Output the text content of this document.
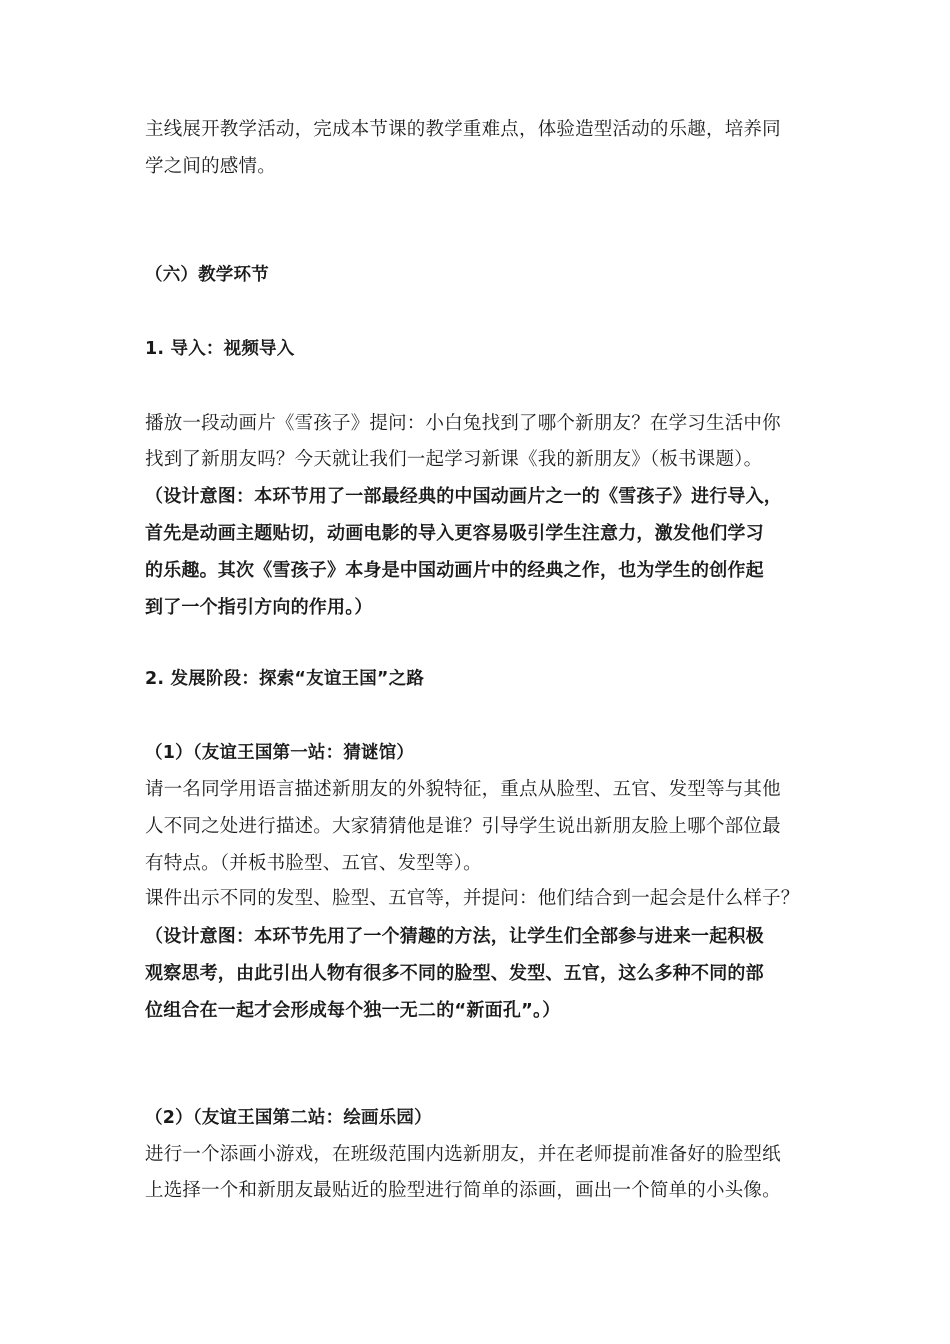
主线展开教学活动，完成本节课的教学重难点，体验造型活动的乐趣，培养同
学之间的感情。
（六）教学环节
1. 导入：视频导入
播放一段动画片《雪孩子》提问：小白兔找到了哪个新朋友？在学习生活中你
找到了新朋友吗？今天就让我们一起学习新课《我的新朋友》（板书课题）。
（设计意图：本环节用了一部最经典的中国动画片之一的《雪孩子》进行导入，
首先是动画主题贴切，动画电影的导入更容易吸引学生注意力，激发他们学习
的乐趣。其次《雪孩子》本身是中国动画片中的经典之作，也为学生的创作起
到了一个指引方向的作用。）
2. 发展阶段：探索“友谊王国”之路
（1）（友谊王国第一站：猜谜馆）
请一名同学用语言描述新朋友的外貌特征，重点从脸型、五官、发型等与其他
人不同之处进行描述。大家猜猜他是谁？引导学生说出新朋友脸上哪个部位最
有特点。（并板书脸型、五官、发型等）。
课件出示不同的发型、脸型、五官等，并提问：他们结合到一起会是什么样子？
（设计意图：本环节先用了一个猜趣的方法，让学生们全部参与进来一起积极
观察思考，由此引出人物有很多不同的脸型、发型、五官，这么多种不同的部
位组合在一起才会形成每个独一无二的“新面孔”。）
（2）（友谊王国第二站：绘画乐园）
进行一个添画小游戏，在班级范围内选新朋友，并在老师提前准备好的脸型纸
上选择一个和新朋友最贴近的脸型进行简单的添画，画出一个简单的小头像。
